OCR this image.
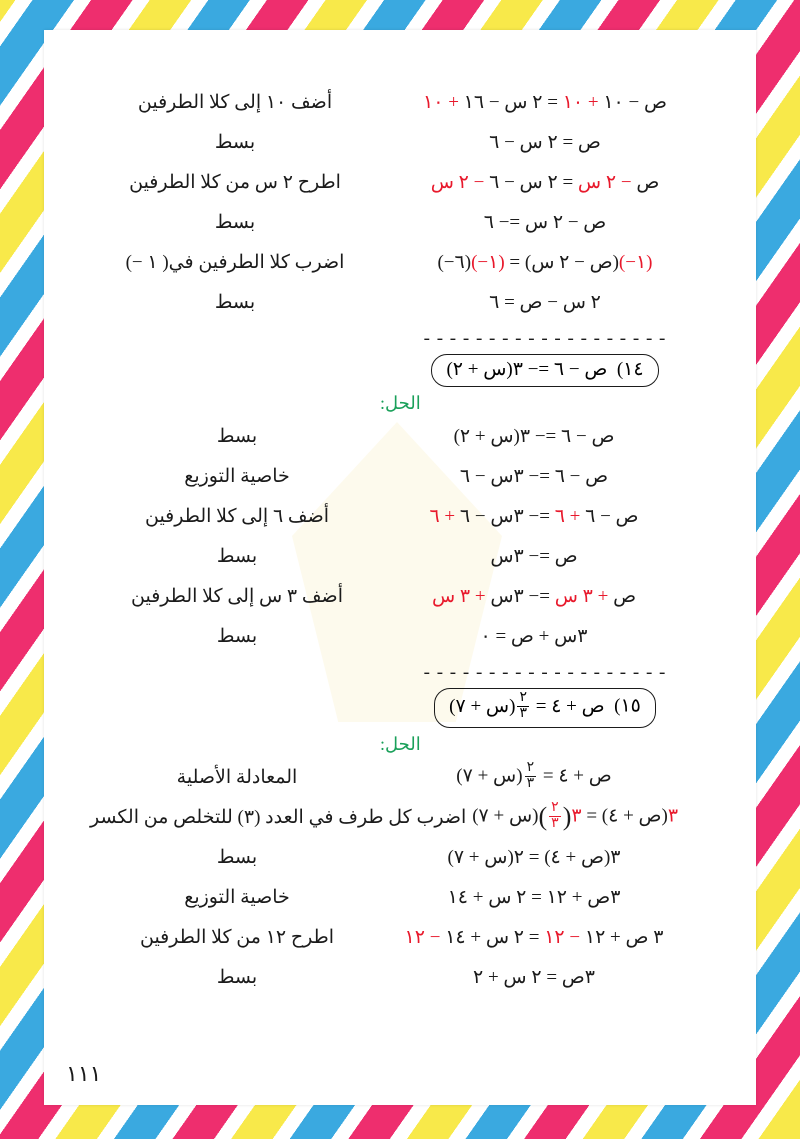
ص − ١٠ + ١٠ = ٢ س − ١٦ + ١٠
أضف ١٠ إلى كلا الطرفين
ص = ٢ س − ٦
بسط
ص − ٢ س = ٢ س − ٦ − ٢ س
اطرح ٢ س من كلا الطرفين
ص − ٢ س =− ٦
بسط
(١−)(ص − ٢ س) = (١−)(٦−)
اضرب كلا الطرفين في( ١ −)
٢ س − ص = ٦
بسط
- - - - - - - - - - - - - - - - - - -
١٤)  ص − ٦ =− ٣(س + ٢)
الحل:
ص − ٦ =− ٣(س + ٢)
بسط
ص − ٦ =− ٣س − ٦
خاصية التوزيع
ص − ٦ + ٦ =− ٣س − ٦ + ٦
أضف ٦ إلى كلا الطرفين
ص =− ٣س
بسط
ص + ٣ س =− ٣س + ٣ س
أضف ٣ س إلى كلا الطرفين
٣س + ص = ٠
بسط
- - - - - - - - - - - - - - - - - - -
١٥)  ص + ٤ =
$\frac{٢}{٣}$
(س + ٧)
الحل:
ص + ٤ =
$\frac{٢}{٣}$
(س + ٧)
المعادلة الأصلية
٣(ص + ٤) = ٣(
$\frac{٢}{٣}$
)(س + ٧)
اضرب كل طرف في العدد (٣) للتخلص من الكسر
٣(ص + ٤) = ٢(س + ٧)
بسط
٣ص + ١٢ = ٢ س + ١٤
خاصية التوزيع
٣ ص + ١٢ − ١٢ = ٢ س + ١٤ − ١٢
اطرح ١٢ من كلا الطرفين
٣ص = ٢ س + ٢
بسط
١١١
